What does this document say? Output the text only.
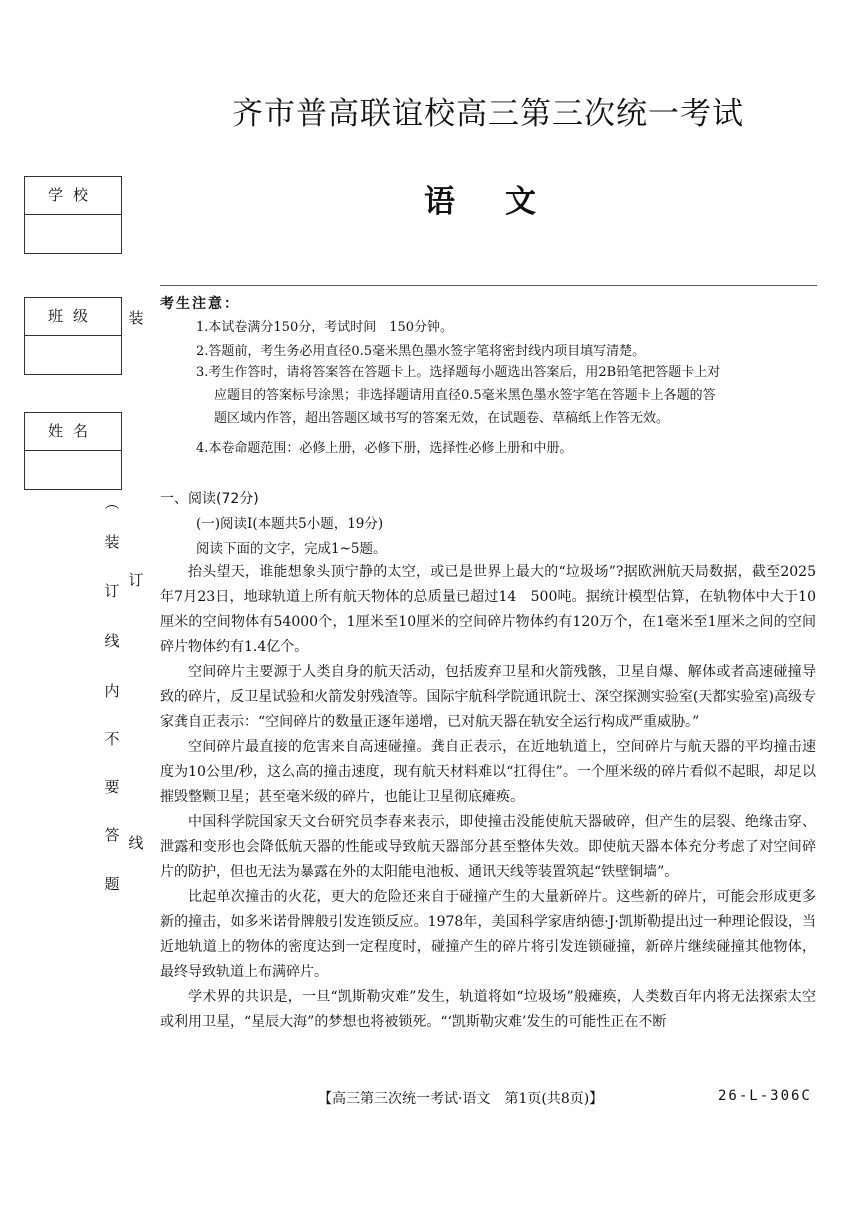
齐市普高联谊校高三第三次统一考试
语文
学校
班级
姓名
装
订
线
︵
装
订
线
内
不
要
答
题
考生注意：
1.本试卷满分150分，考试时间　150分钟。
2.答题前，考生务必用直径0.5毫米黑色墨水签字笔将密封线内项目填写清楚。
3.考生作答时，请将答案答在答题卡上。选择题每小题选出答案后，用2B铅笔把答题卡上对
应题目的答案标号涂黑；非选择题请用直径0.5毫米黑色墨水签字笔在答题卡上各题的答
题区域内作答，超出答题区域书写的答案无效，在试题卷、草稿纸上作答无效。
4.本卷命题范围：必修上册，必修下册，选择性必修上册和中册。
一、阅读(72分)
(一)阅读Ⅰ(本题共5小题，19分)
阅读下面的文字，完成1~5题。

抬头望天，谁能想象头顶宁静的太空，或已是世界上最大的“垃圾场”?据欧洲航天局数据，截至2025年7月23日，地球轨道上所有航天物体的总质量已超过14　500吨。据统计模型估算，在轨物体中大于10厘米的空间物体有54000个，1厘米至10厘米的空间碎片物体约有120万个，在1毫米至1厘米之间的空间碎片物体约有1.4亿个。

空间碎片主要源于人类自身的航天活动，包括废弃卫星和火箭残骸，卫星自爆、解体或者高速碰撞导致的碎片，反卫星试验和火箭发射残渣等。国际宇航科学院通讯院士、深空探测实验室(天都实验室)高级专家龚自正表示：“空间碎片的数量正逐年递增，已对航天器在轨安全运行构成严重威胁。”

空间碎片最直接的危害来自高速碰撞。龚自正表示，在近地轨道上，空间碎片与航天器的平均撞击速度为10公里/秒，这么高的撞击速度，现有航天材料难以“扛得住”。一个厘米级的碎片看似不起眼，却足以摧毁整颗卫星；甚至毫米级的碎片，也能让卫星彻底瘫痪。

中国科学院国家天文台研究员李春来表示，即使撞击没能使航天器破碎，但产生的层裂、绝缘击穿、泄露和变形也会降低航天器的性能或导致航天器部分甚至整体失效。即使航天器本体充分考虑了对空间碎片的防护，但也无法为暴露在外的太阳能电池板、通讯天线等装置筑起“铁壁铜墙”。

比起单次撞击的火花，更大的危险还来自于碰撞产生的大量新碎片。这些新的碎片，可能会形成更多新的撞击，如多米诺骨牌般引发连锁反应。1978年，美国科学家唐纳德·J·凯斯勒提出过一种理论假设，当近地轨道上的物体的密度达到一定程度时，碰撞产生的碎片将引发连锁碰撞，新碎片继续碰撞其他物体，最终导致轨道上布满碎片。

学术界的共识是，一旦“凯斯勒灾难”发生，轨道将如“垃圾场”般瘫痪，人类数百年内将无法探索太空或利用卫星，“星辰大海”的梦想也将被锁死。“‘凯斯勒灾难’发生的可能性正在不断

【高三第三次统一考试·语文　第1页(共8页)】	26-L-306C
